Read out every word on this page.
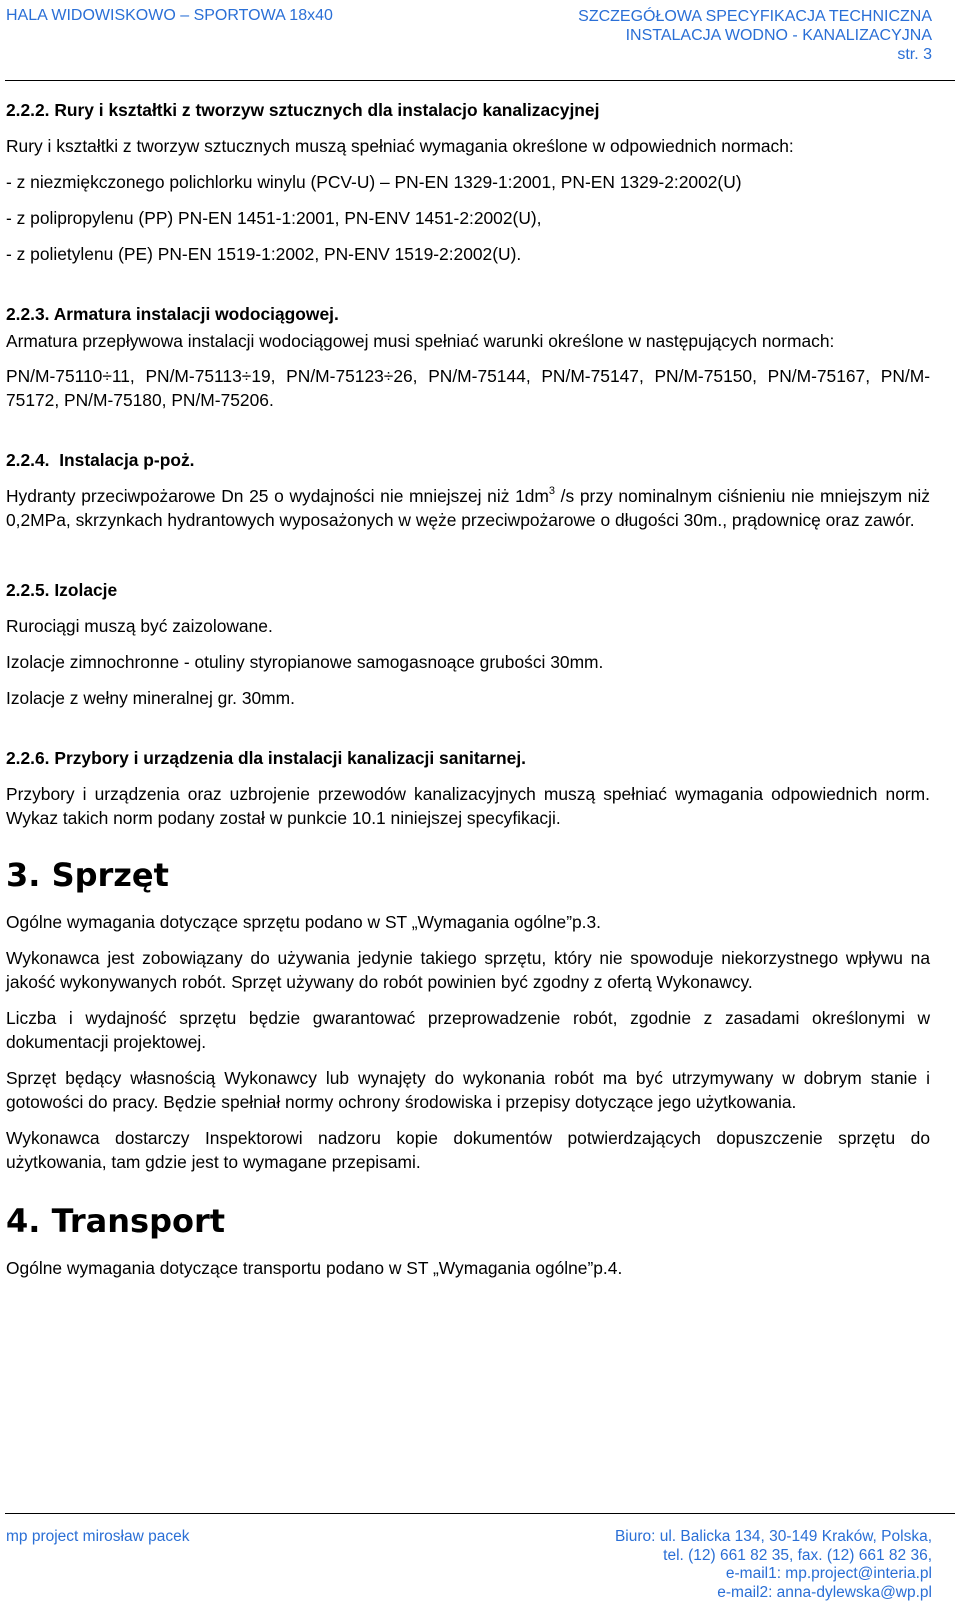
HALA WIDOWISKOWO – SPORTOWA 18x40	SZCZEGÓŁOWA SPECYFIKACJA TECHNICZNA
INSTALACJA WODNO - KANALIZACYJNA
str. 3

2.2.2. Rury i kształtki z tworzyw sztucznych dla instalacjo kanalizacyjnej

Rury i kształtki z tworzyw sztucznych muszą spełniać wymagania określone w odpowiednich normach:

- z niezmiękczonego polichlorku winylu (PCV-U) – PN-EN 1329-1:2001, PN-EN 1329-2:2002(U)

- z polipropylenu (PP) PN-EN 1451-1:2001, PN-ENV 1451-2:2002(U),

- z polietylenu (PE) PN-EN 1519-1:2002, PN-ENV 1519-2:2002(U).

2.2.3. Armatura instalacji wodociągowej.

Armatura przepływowa instalacji wodociągowej musi spełniać warunki określone w następujących normach:

PN/M-75110÷11, PN/M-75113÷19, PN/M-75123÷26, PN/M-75144, PN/M-75147, PN/M-75150, PN/M-75167, PN/M-75172, PN/M-75180, PN/M-75206.

2.2.4. Instalacja p-poż.

Hydranty przeciwpożarowe Dn 25 o wydajności nie mniejszej niż $1dm^3$ /s przy nominalnym ciśnieniu nie mniejszym niż 0,2MPa, skrzynkach hydrantowych wyposażonych w węże przeciwpożarowe o długości 30m., prądownicę oraz zawór.

2.2.5. Izolacje

Rurociągi muszą być zaizolowane.

Izolacje zimnochronne - otuliny styropianowe samogasnoące grubości 30mm.

Izolacje z wełny mineralnej gr. 30mm.

2.2.6. Przybory i urządzenia dla instalacji kanalizacji sanitarnej.

Przybory i urządzenia oraz uzbrojenie przewodów kanalizacyjnych muszą spełniać wymagania odpowiednich norm. Wykaz takich norm podany został w punkcie 10.1 niniejszej specyfikacji.

3. Sprzęt

Ogólne wymagania dotyczące sprzętu podano w ST „Wymagania ogólne”p.3.

Wykonawca jest zobowiązany do używania jedynie takiego sprzętu, który nie spowoduje niekorzystnego wpływu na jakość wykonywanych robót. Sprzęt używany do robót powinien być zgodny z ofertą Wykonawcy.

Liczba i wydajność sprzętu będzie gwarantować przeprowadzenie robót, zgodnie z zasadami określonymi w dokumentacji projektowej.

Sprzęt będący własnością Wykonawcy lub wynajęty do wykonania robót ma być utrzymywany w dobrym stanie i gotowości do pracy. Będzie spełniał normy ochrony środowiska i przepisy dotyczące jego użytkowania.

Wykonawca dostarczy Inspektorowi nadzoru kopie dokumentów potwierdzających dopuszczenie sprzętu do użytkowania, tam gdzie jest to wymagane przepisami.

4. Transport

Ogólne wymagania dotyczące transportu podano w ST „Wymagania ogólne”p.4.

mp project mirosław pacek	Biuro: ul. Balicka 134, 30-149 Kraków, Polska,
tel. (12) 661 82 35, fax. (12) 661 82 36,
e-mail1: mp.project@interia.pl
e-mail2: anna-dylewska@wp.pl
